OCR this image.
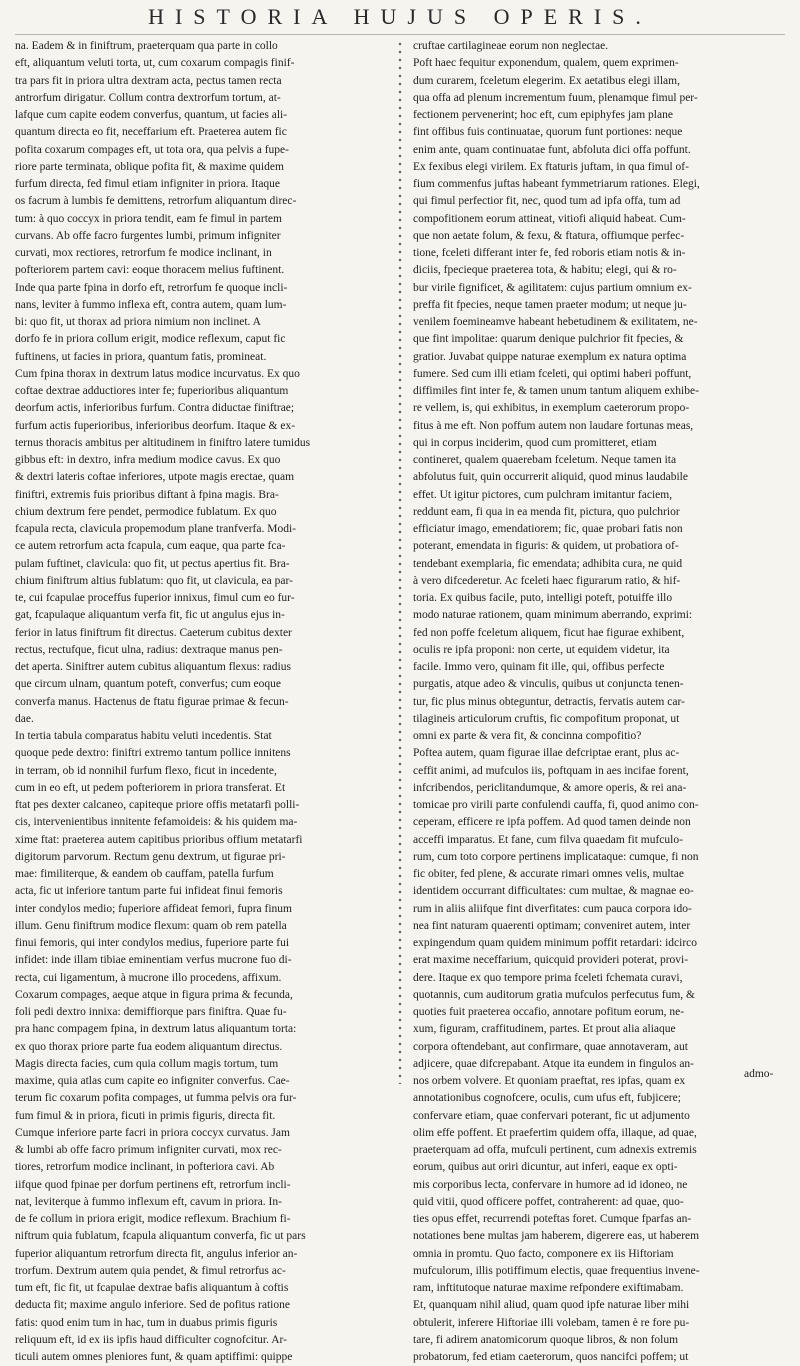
HISTORIA HUJUS OPERIS.
na. Eadem & in finiftrum, praeterquam qua parte in collo
eft, aliquantum veluti torta, ut, cum coxarum compagis finif-
tra pars fit in priora ultra dextram acta, pectus tamen recta
antrorfum dirigatur. Collum contra dextrorfum tortum, at-
lafque cum capite eodem converfus, quantum, ut facies ali-
quantum directa eo fit, neceffarium eft. Praeterea autem fic
pofita coxarum compages eft, ut tota ora, qua pelvis a fupe-
riore parte terminata, oblique pofita fit, & maxime quidem
furfum directa, fed fimul etiam infigniter in priora. Itaque
os facrum à lumbis fe demittens, retrorfum aliquantum direc-
tum: à quo coccyx in priora tendit, eam fe fimul in partem
curvans. Ab offe facro furgentes lumbi, primum infigniter
curvati, mox rectiores, retrorfum fe modice inclinant, in
pofteriorem partem cavi: eoque thoracem melius fuftinent.
Inde qua parte fpina in dorfo eft, retrorfum fe quoque incli-
nans, leviter à fummo inflexa eft, contra autem, quam lum-
bi: quo fit, ut thorax ad priora nimium non inclinet. A
dorfo fe in priora collum erigit, modice reflexum, caput fic
fuftinens, ut facies in priora, quantum fatis, promineat.
Cum fpina thorax in dextrum latus modice incurvatus. Ex quo
coftae dextrae adductiores inter fe; fuperioribus aliquantum
deorfum actis, inferioribus furfum. Contra diductae finiftrae;
furfum actis fuperioribus, inferioribus deorfum. Itaque & ex-
ternus thoracis ambitus per altitudinem in finiftro latere tumidus
gibbus eft: in dextro, infra medium modice cavus. Ex quo
& dextri lateris coftae inferiores, utpote magis erectae, quam
finiftri, extremis fuis prioribus diftant à fpina magis. Bra-
chium dextrum fere pendet, permodice fublatum. Ex quo
fcapula recta, clavicula propemodum plane tranfverfa. Modi-
ce autem retrorfum acta fcapula, cum eaque, qua parte fca-
pulam fuftinet, clavicula: quo fit, ut pectus apertius fit. Bra-
chium finiftrum altius fublatum: quo fit, ut clavicula, ea par-
te, cui fcapulae proceffus fuperior innixus, fimul cum eo fur-
gat, fcapulaque aliquantum verfa fit, fic ut angulus ejus in-
ferior in latus finiftrum fit directus. Caeterum cubitus dexter
rectus, rectufque, ficut ulna, radius: dextraque manus pen-
det aperta. Siniftrer autem cubitus aliquantum flexus: radius
que circum ulnam, quantum poteft, converfus; cum eoque
converfa manus. Hactenus de ftatu figurae primae & fecun-
dae.
In tertia tabula comparatus habitu veluti incedentis. Stat
quoque pede dextro: finiftri extremo tantum pollice innitens
in terram, ob id nonnihil furfum flexo, ficut in incedente,
cum in eo eft, ut pedem pofteriorem in priora transferat. Et
ftat pes dexter calcaneo, capiteque priore offis metatarfi polli-
cis, intervenientibus innitente fefamoideis: & his quidem ma-
xime ftat: praeterea autem capitibus prioribus offium metatarfi
digitorum parvorum. Rectum genu dextrum, ut figurae pri-
mae: fimiliterque, & eandem ob cauffam, patella furfum
acta, fic ut inferiore tantum parte fui infideat finui femoris
inter condylos medio; fuperiore affideat femori, fupra finum
illum. Genu finiftrum modice flexum: quam ob rem patella
finui femoris, qui inter condylos medius, fuperiore parte fui
infidet: inde illam tibiae eminentiam verfus mucrone fuo di-
recta, cui ligamentum, à mucrone illo procedens, affixum.
Coxarum compages, aeque atque in figura prima & fecunda,
foli pedi dextro innixa: demiffiorque pars finiftra. Quae fu-
pra hanc compagem fpina, in dextrum latus aliquantum torta:
ex quo thorax priore parte fua eodem aliquantum directus.
Magis directa facies, cum quia collum magis tortum, tum
maxime, quia atlas cum capite eo infigniter converfus. Cae-
terum fic coxarum pofita compages, ut fumma pelvis ora fur-
fum fimul & in priora, ficuti in primis figuris, directa fit.
Cumque inferiore parte facri in priora coccyx curvatus. Jam
& lumbi ab offe facro primum infigniter curvati, mox rec-
tiores, retrorfum modice inclinant, in pofteriora cavi. Ab
iifque quod fpinae per dorfum pertinens eft, retrorfum incli-
nat, leviterque à fummo inflexum eft, cavum in priora. In-
de fe collum in priora erigit, modice reflexum. Brachium fi-
niftrum quia fublatum, fcapula aliquantum converfa, fic ut pars
fuperior aliquantum retrorfum directa fit, angulus inferior an-
trorfum. Dextrum autem quia pendet, & fimul retrorfus ac-
tum eft, fic fit, ut fcapulae dextrae bafis aliquantum à coftis
deducta fit; maxime angulo inferiore. Sed de pofitus ratione
fatis: quod enim tum in hac, tum in duabus primis figuris
reliquum eft, id ex iis ipfis haud difficulter cognofcitur. Ar-
ticuli autem omnes pleniores funt, & quam aptiffimi: quippe
cruftae cartilagineae eorum non neglectae.
Poft haec fequitur exponendum, qualem, quem exprimen-
dum curarem, fceletum elegerim. Ex aetatibus elegi illam,
qua offa ad plenum incrementum fuum, plenamque fimul per-
fectionem pervenerint; hoc eft, cum epiphyfes jam plane
fint offibus fuis continuatae, quorum funt portiones: neque
enim ante, quam continuatae funt, abfoluta dici offa poffunt.
Ex fexibus elegi virilem. Ex ftaturis juftam, in qua fimul of-
fium commenfus juftas habeant fymmetriarum rationes. Elegi,
qui fimul perfectior fit, nec, quod tum ad ipfa offa, tum ad
compofitionem eorum attineat, vitiofi aliquid habeat. Cum-
que non aetate folum, & fexu, & ftatura, offiumque perfec-
tione, fceleti differant inter fe, fed roboris etiam notis & in-
diciis, fpecieque praeterea tota, & habitu; elegi, qui & ro-
bur virile fignificet, & agilitatem: cujus partium omnium ex-
preffa fit fpecies, neque tamen praeter modum; ut neque ju-
venilem foemineamve habeant hebetudinem & exilitatem, ne-
que fint impolitae: quarum denique pulchrior fit fpecies, &
gratior. Juvabat quippe naturae exemplum ex natura optima
fumere. Sed cum illi etiam fceleti, qui optimi haberi poffunt,
diffimiles fint inter fe, & tamen unum tantum aliquem exhibe-
re vellem, is, qui exhibitus, in exemplum caeterorum propo-
fitus à me eft. Non poffum autem non laudare fortunas meas,
qui in corpus inciderim, quod cum promitteret, etiam
contineret, qualem quaerebam fceletum. Neque tamen ita
abfolutus fuit, quin occurrerit aliquid, quod minus laudabile
effet. Ut igitur pictores, cum pulchram imitantur faciem,
reddunt eam, fi qua in ea menda fit, pictura, quo pulchrior
efficiatur imago, emendatiorem; fic, quae probari fatis non
poterant, emendata in figuris: & quidem, ut probatiora of-
tendebant exemplaria, fic emendata; adhibita cura, ne quid
à vero difcederetur. Ac fceleti haec figurarum ratio, & hif-
toria. Ex quibus facile, puto, intelligi poteft, potuiffe illo
modo naturae rationem, quam minimum aberrando, exprimi:
fed non poffe fceletum aliquem, ficut hae figurae exhibent,
oculis re ipfa proponi: non certe, ut equidem videtur, ita
facile. Immo vero, quinam fit ille, qui, offibus perfecte
purgatis, atque adeo & vinculis, quibus ut conjuncta tenen-
tur, fic plus minus obteguntur, detractis, fervatis autem car-
tilagineis articulorum cruftis, fic compofitum proponat, ut
omni ex parte & vera fit, & concinna compofitio?
Poftea autem, quam figurae illae defcriptae erant, plus ac-
ceffit animi, ad mufculos iis, poftquam in aes incifae forent,
infcribendos, periclitandumque, & amore operis, & rei ana-
tomicae pro virili parte confulendi cauffa, fi, quod animo con-
ceperam, efficere re ipfa poffem. Ad quod tamen deinde non
acceffi imparatus. Et fane, cum filva quaedam fit mufculo-
rum, cum toto corpore pertinens implicataque: cumque, fi non
fic obiter, fed plene, & accurate rimari omnes velis, multae
identidem occurrant difficultates: cum multae, & magnae eo-
rum in aliis aliifque fint diverfitates: cum pauca corpora ido-
nea fint naturam quaerenti optimam; conveniret autem, inter
expingendum quam quidem minimum poffit retardari: idcirco
erat maxime neceffarium, quicquid provideri poterat, provi-
dere. Itaque ex quo tempore prima fceleti fchemata curavi,
quotannis, cum auditorum gratia mufculos perfecutus fum, &
quoties fuit praeterea occafio, annotare pofitum eorum, ne-
xum, figuram, craffitudinem, partes. Et prout alia aliaque
corpora oftendebant, aut confirmare, quae annotaveram, aut
adjicere, quae difcrepabant. Atque ita eundem in fingulos an-
nos orbem volvere. Et quoniam praeftat, res ipfas, quam ex
annotationibus cognofcere, oculis, cum ufus eft, fubjicere;
confervare etiam, quae confervari poterant, fic ut adjumento
olim effe poffent. Et praefertim quidem offa, illaque, ad quae,
praeterquam ad offa, mufculi pertinent, cum adnexis extremis
eorum, quibus aut oriri dicuntur, aut inferi, eaque ex opti-
mis corporibus lecta, confervare in humore ad id idoneo, ne
quid vitii, quod officere poffet, contraherent: ad quae, quo-
ties opus effet, recurrendi poteftas foret. Cumque fparfas an-
notationes bene multas jam haberem, digerere eas, ut haberem
omnia in promtu. Quo facto, componere ex iis Hiftoriam
mufculorum, illis potiffimum electis, quae frequentius invene-
ram, inftitutoque naturae maxime refpondere exiftimabam.
Et, quanquam nihil aliud, quam quod ipfe naturae liber mihi
obtulerit, inferere Hiftoriae illi volebam, tamen è re fore pu-
tare, fi adirem anatomicorum quoque libros, & non folum
probatorum, fed etiam caeterorum, quos nancifci poffem; ut
admo-
